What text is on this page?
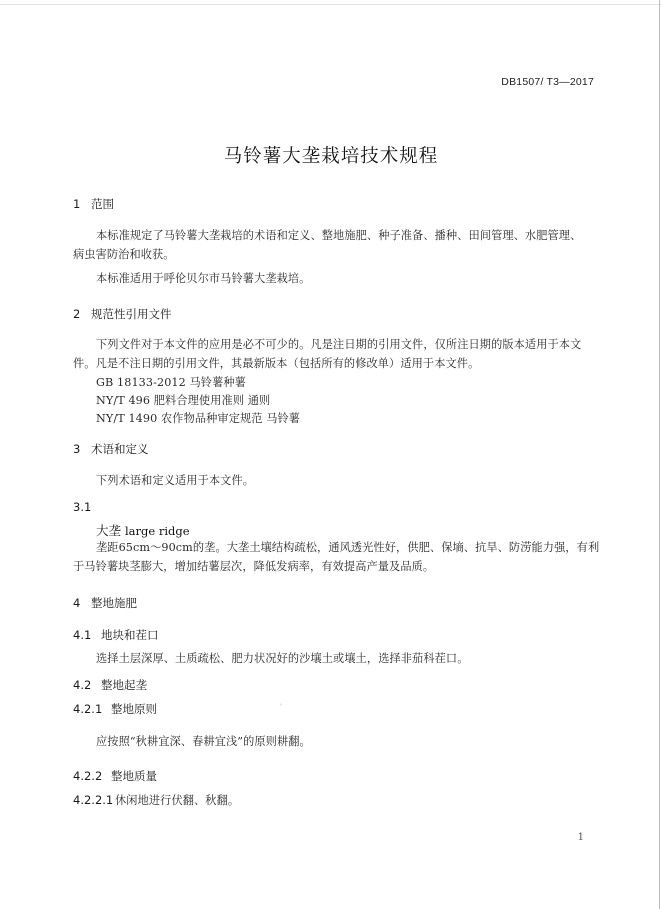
DB1507/ T3—2017
马铃薯大垄栽培技术规程
1 范围
本标准规定了马铃薯大垄栽培的术语和定义、整地施肥、种子准备、播种、田间管理、水肥管理、
病虫害防治和收获。
本标准适用于呼伦贝尔市马铃薯大垄栽培。
2 规范性引用文件
下列文件对于本文件的应用是必不可少的。凡是注日期的引用文件，仅所注日期的版本适用于本文
件。凡是不注日期的引用文件，其最新版本（包括所有的修改单）适用于本文件。
GB 18133-2012 马铃薯种薯
NY/T 496 肥料合理使用准则 通则
NY/T 1490 农作物品种审定规范 马铃薯
3 术语和定义
下列术语和定义适用于本文件。
3.1
大垄 large ridge
垄距65cm～90cm的垄。大垄土壤结构疏松，通风透光性好，供肥、保墒、抗旱、防涝能力强，有利
于马铃薯块茎膨大，增加结薯层次，降低发病率，有效提高产量及品质。
4 整地施肥
4.1 地块和茬口
选择土层深厚、土质疏松、肥力状况好的沙壤土或壤土，选择非茄科茬口。
4.2 整地起垄
4.2.1 整地原则	'
应按照“秋耕宜深、春耕宜浅”的原则耕翻。
4.2.2 整地质量
4.2.2.1 休闲地进行伏翻、秋翻。
1
